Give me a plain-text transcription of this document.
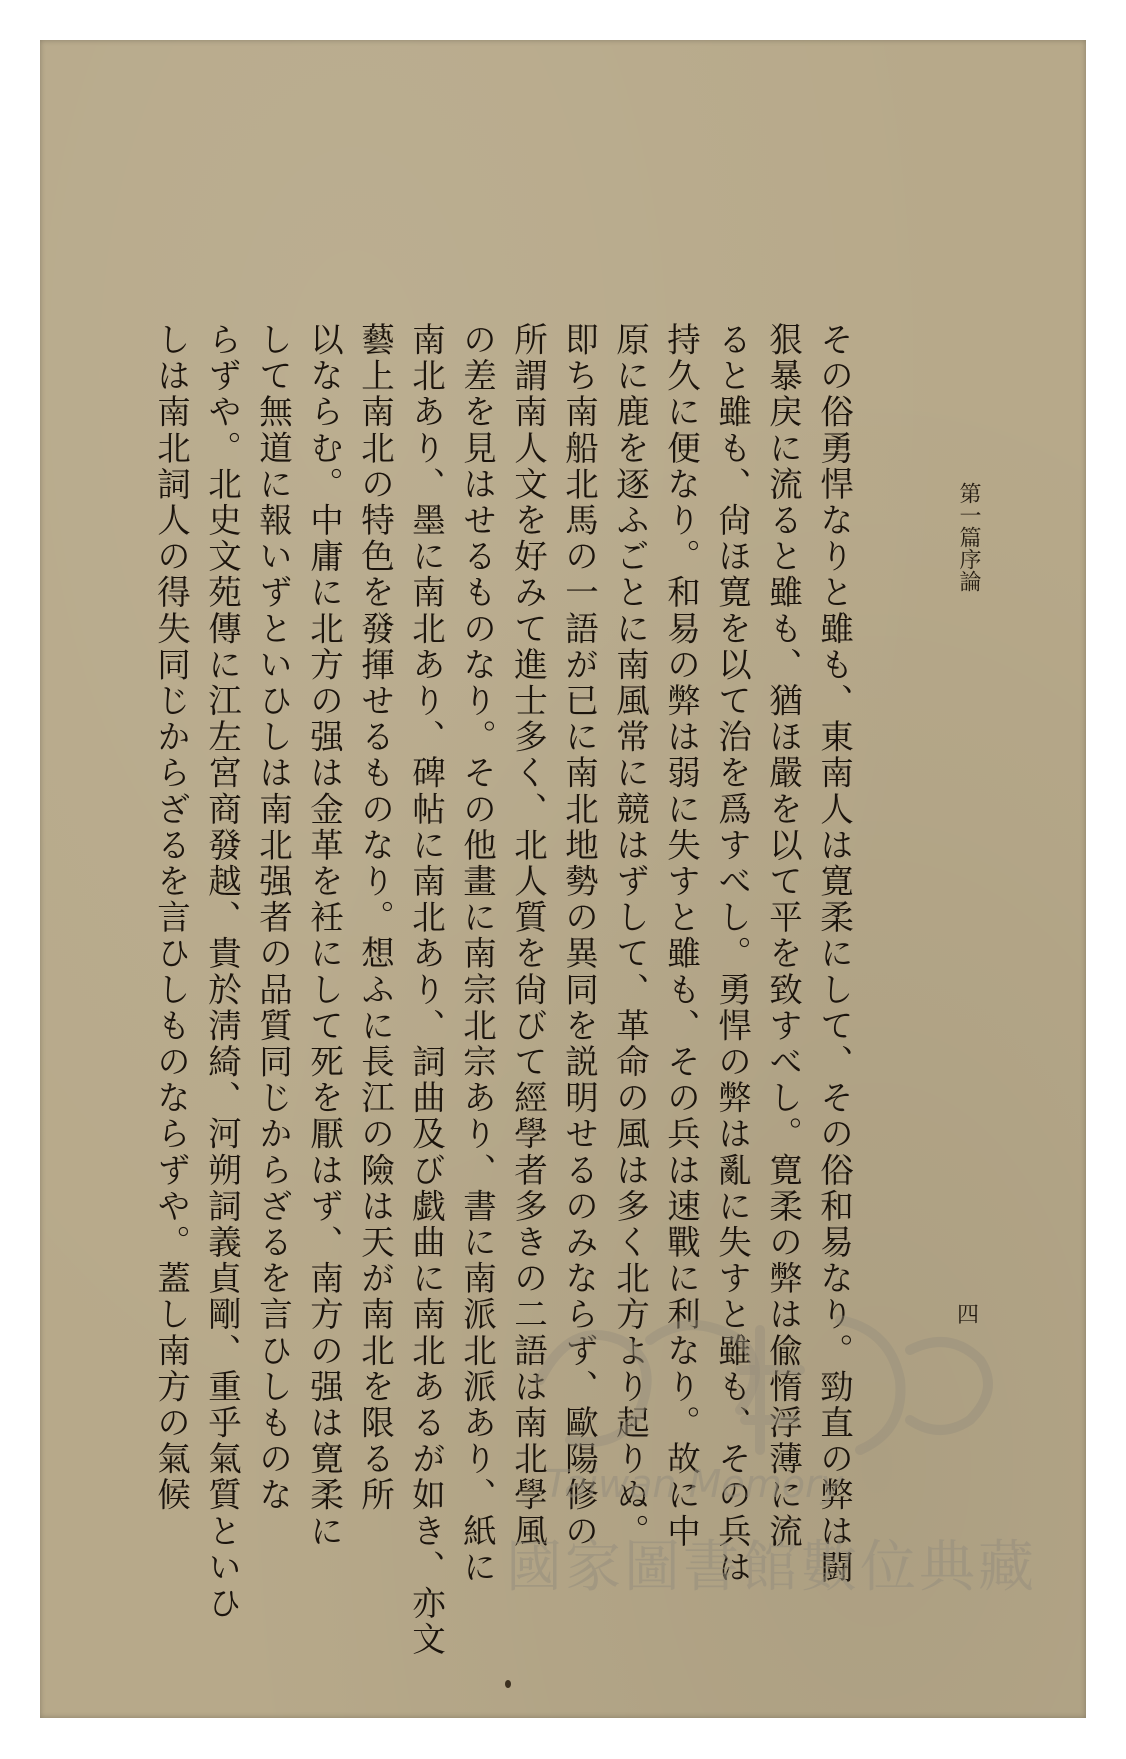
第一篇序論
四
その俗勇悍なりと雖も、東南人は寛柔にして、その俗和易なり。勁直の弊は闘
狠暴戻に流ると雖も、猶ほ嚴を以て平を致すべし。寛柔の弊は偸惰浮薄に流
ると雖も、尙ほ寛を以て治を爲すべし。勇悍の弊は亂に失すと雖も、その兵は
持久に便なり。和易の弊は弱に失すと雖も、その兵は速戰に利なり。故に中
原に鹿を逐ふごとに南風常に競はずして、革命の風は多く北方より起りぬ。
即ち南船北馬の一語が已に南北地勢の異同を説明せるのみならず、歐陽修の
所謂南人文を好みて進士多く、北人質を尙びて經學者多きの二語は南北學風
の差を見はせるものなり。その他畫に南宗北宗あり、書に南派北派あり、紙に
南北あり、墨に南北あり、碑帖に南北あり、詞曲及び戯曲に南北あるが如き、亦文
藝上南北の特色を發揮せるものなり。想ふに長江の險は天が南北を限る所
以ならむ。中庸に北方の强は金革を衽にして死を厭はず、南方の强は寛柔に
して無道に報いずといひしは南北强者の品質同じからざるを言ひしものな
らずや。北史文苑傳に江左宮商發越、貴於淸綺、河朔詞義貞剛、重乎氣質といひ
しは南北詞人の得失同じからざるを言ひしものならずや。蓋し南方の氣候	Taiwan Memory
國家圖書館數位典藏
